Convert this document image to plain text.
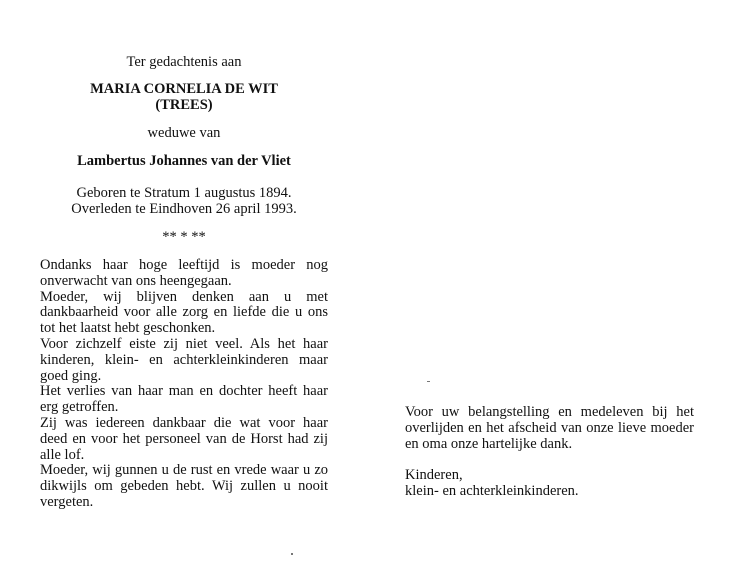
Ter gedachtenis aan
MARIA CORNELIA DE WIT
(TREES)
weduwe van
Lambertus Johannes van der Vliet
Geboren te Stratum 1 augustus 1894.
Overleden te Eindhoven 26 april 1993.
** * **

Ondanks haar hoge leeftijd is moeder nog onverwacht van ons heengegaan.

Moeder, wij blijven denken aan u met dankbaarheid voor alle zorg en liefde die u ons tot het laatst hebt geschonken.

Voor zichzelf eiste zij niet veel. Als het haar kinderen, klein- en achterkleinkinderen maar goed ging.

Het verlies van haar man en dochter heeft haar erg getroffen.

Zij was iedereen dankbaar die wat voor haar deed en voor het personeel van de Horst had zij alle lof.

Moeder, wij gunnen u de rust en vrede waar u zo dikwijls om gebeden hebt. Wij zullen u nooit vergeten.

Voor uw belangstelling en medeleven bij het overlijden en het afscheid van onze lieve moeder en oma onze hartelijke dank.

Kinderen,

klein- en achterkleinkinderen.
